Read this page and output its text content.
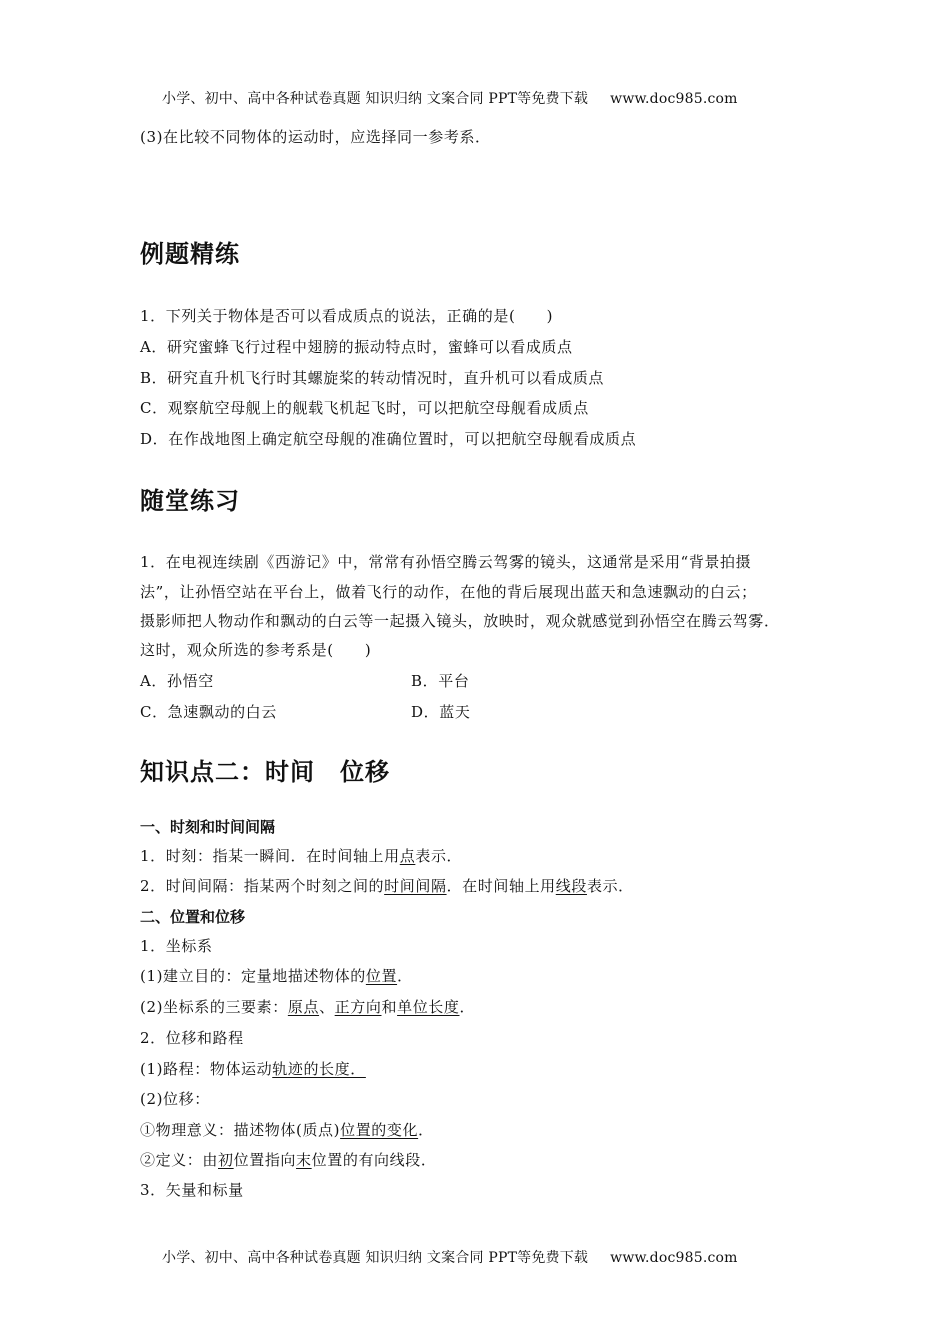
小学、初中、高中各种试卷真题 知识归纳 文案合同 PPT等免费下载 www.doc985.com
(3)在比较不同物体的运动时，应选择同一参考系．
例题精练
1．下列关于物体是否可以看成质点的说法，正确的是(　　)
A．研究蜜蜂飞行过程中翅膀的振动特点时，蜜蜂可以看成质点
B．研究直升机飞行时其螺旋桨的转动情况时，直升机可以看成质点
C．观察航空母舰上的舰载飞机起飞时，可以把航空母舰看成质点
D．在作战地图上确定航空母舰的准确位置时，可以把航空母舰看成质点
随堂练习
1．在电视连续剧《西游记》中，常常有孙悟空腾云驾雾的镜头，这通常是采用“背景拍摄
法”，让孙悟空站在平台上，做着飞行的动作，在他的背后展现出蓝天和急速飘动的白云；
摄影师把人物动作和飘动的白云等一起摄入镜头，放映时，观众就感觉到孙悟空在腾云驾雾．
这时，观众所选的参考系是(　　)
A．孙悟空	B．平台
C．急速飘动的白云	D．蓝天
知识点二：时间　位移
一、时刻和时间间隔
1．时刻：指某一瞬间．在时间轴上用点表示．
2．时间间隔：指某两个时刻之间的时间间隔．在时间轴上用线段表示．
二、位置和位移
1．坐标系
(1)建立目的：定量地描述物体的位置．
(2)坐标系的三要素：原点、正方向和单位长度．
2．位移和路程
(1)路程：物体运动轨迹的长度．
(2)位移：
①物理意义：描述物体(质点)位置的变化．
②定义：由初位置指向末位置的有向线段．
3．矢量和标量
小学、初中、高中各种试卷真题 知识归纳 文案合同 PPT等免费下载 www.doc985.com
